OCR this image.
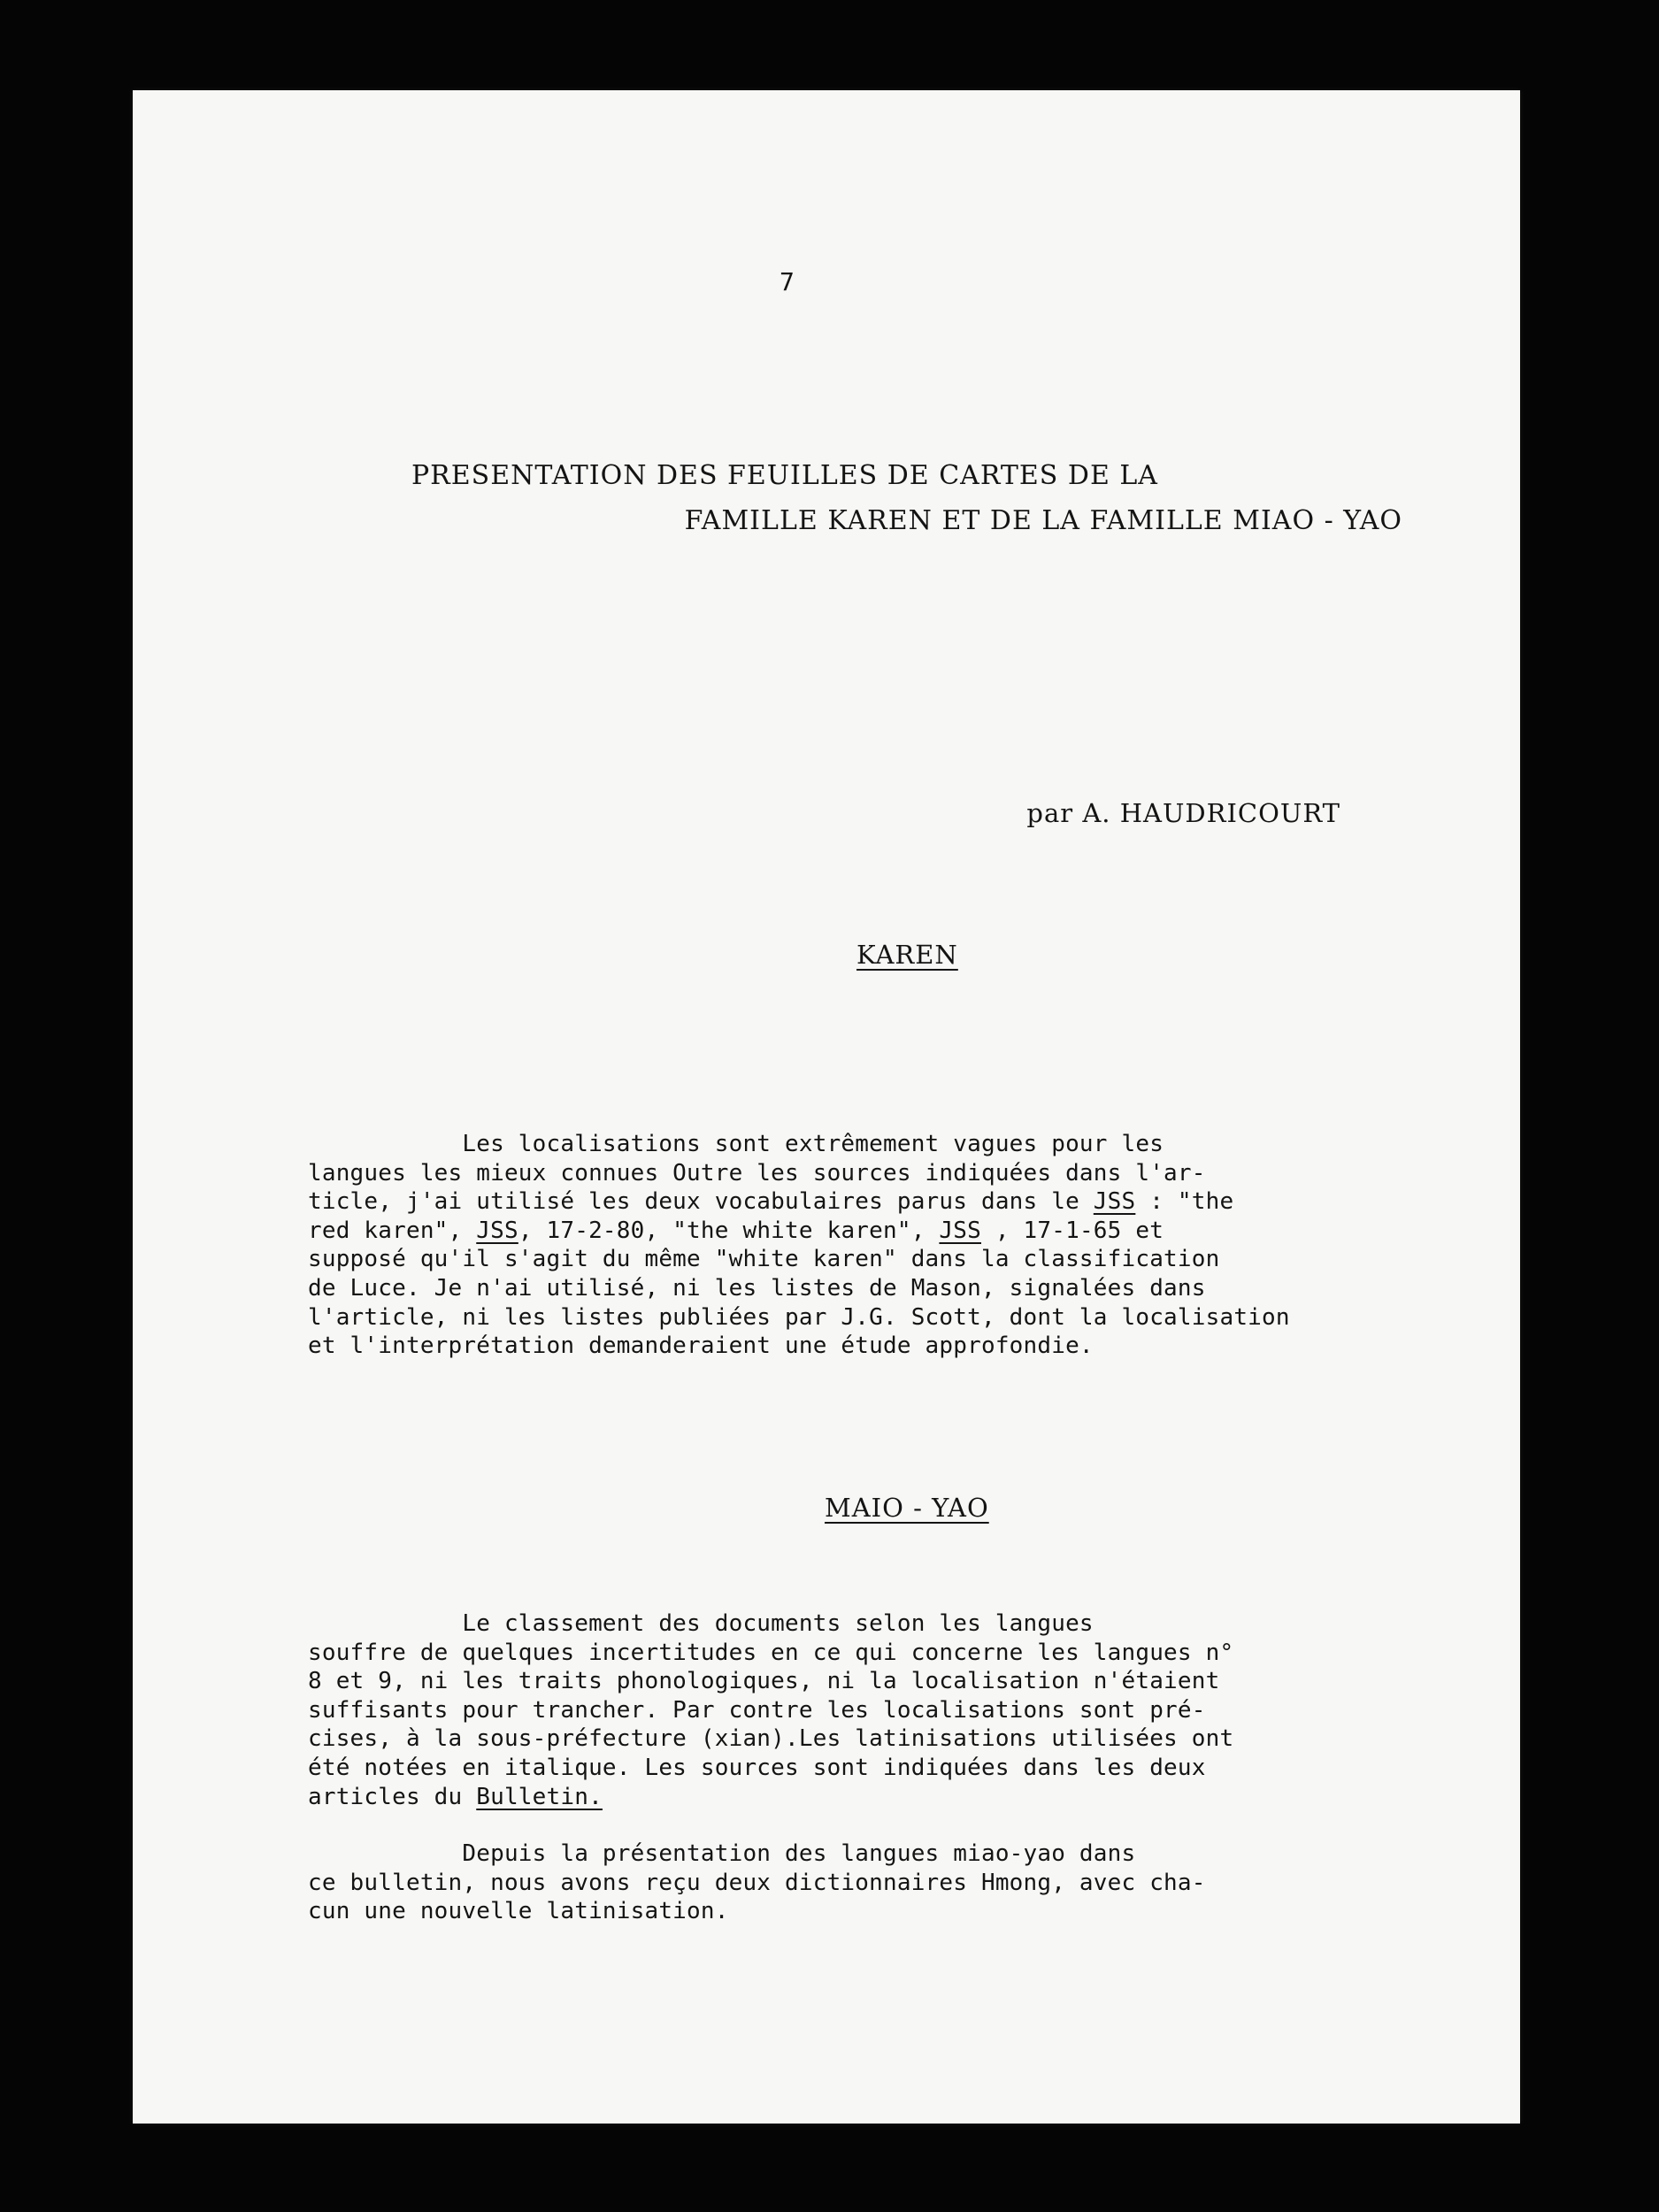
7
PRESENTATION DES FEUILLES DE CARTES DE LA
FAMILLE KAREN ET DE LA FAMILLE MIAO - YAO
par A. HAUDRICOURT
KAREN
Les localisations sont extrêmement vagues pour les
langues les mieux connues Outre les sources indiquées dans l'ar-
ticle, j'ai utilisé les deux vocabulaires parus dans le JSS : "the
red karen", JSS, 17-2-80, "the white karen", JSS , 17-1-65 et
supposé qu'il s'agit du même "white karen" dans la classification
de Luce. Je n'ai utilisé, ni les listes de Mason, signalées dans
l'article, ni les listes publiées par J.G. Scott, dont la localisation
et l'interprétation demanderaient une étude approfondie.
MAIO - YAO
Le classement des documents selon les langues
souffre de quelques incertitudes en ce qui concerne les langues n°
8 et 9, ni les traits phonologiques, ni la localisation n'étaient
suffisants pour trancher. Par contre les localisations sont pré-
cises, à la sous-préfecture (xian).Les latinisations utilisées ont
été notées en italique. Les sources sont indiquées dans les deux
articles du Bulletin.
Depuis la présentation des langues miao-yao dans
ce bulletin, nous avons reçu deux dictionnaires Hmong, avec cha-
cun une nouvelle latinisation.
